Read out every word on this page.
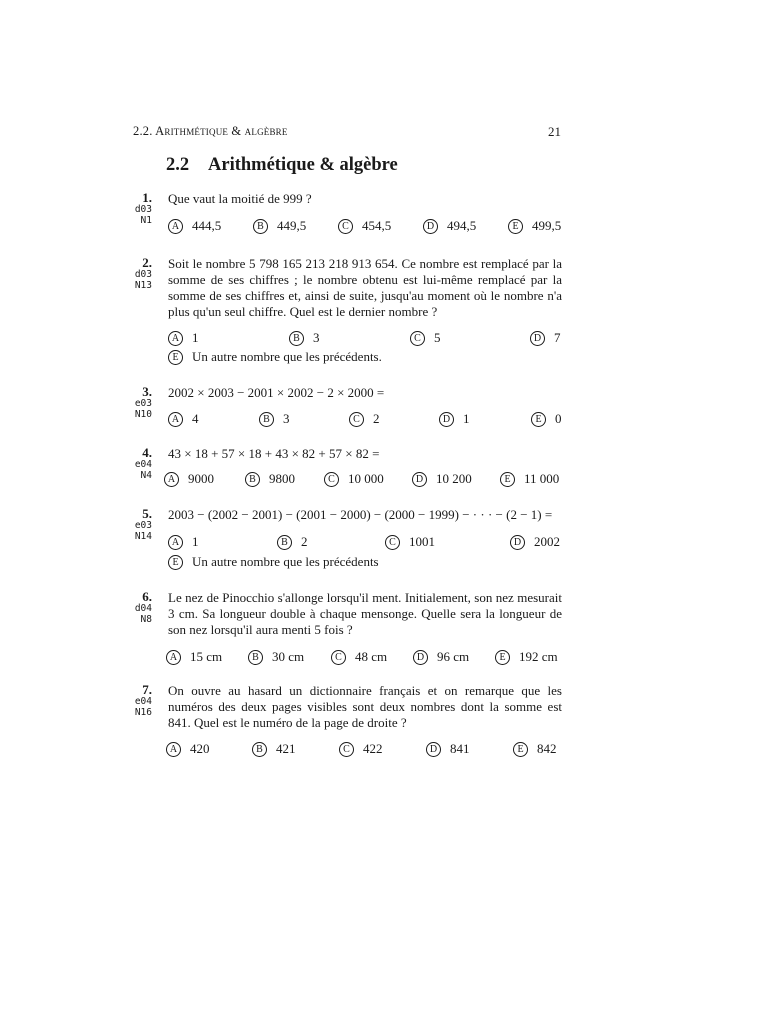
2.2. Arithmétique & algèbre	21
2.2 Arithmétique & algèbre
1.
d03
N1
Que vaut la moitié de 999 ?
A 444,5	B	449,5	C	454,5	D 494,5	E	499,5
2.
d03
N13
Soit le nombre 5 798 165 213 218 913 654. Ce nombre est remplacé par la somme de ses chiffres ; le nombre obtenu est lui-même remplacé par la somme de ses chiffres et, ainsi de suite, jusqu'au moment où le nombre n'a plus qu'un seul chiffre. Quel est le dernier nombre ?
A 1	B	3	C	5	D 7
E	Un autre nombre que les précédents.
3.
e03
N10
2002 × 2003 − 2001 × 2002 − 2 × 2000 =
A 4	B	3	C	2	D 1	E	0
4.
e04
N4
43 × 18 + 57 × 18 + 43 × 82 + 57 × 82 =
A 9000	B	9800	C	10 000	D 10 200	E	11 000
5.
e03
N14
2003 − (2002 − 2001) − (2001 − 2000) − (2000 − 1999) − · · · − (2 − 1) =
A 1	B	2	C	1001	D 2002
E	Un autre nombre que les précédents
6.
d04
N8
Le nez de Pinocchio s'allonge lorsqu'il ment. Initialement, son nez mesurait 3 cm. Sa longueur double à chaque mensonge. Quelle sera la longueur de son nez lorsqu'il aura menti 5 fois ?
A 15 cm	B	30 cm	C	48 cm	D 96 cm	E	192 cm
7.
e04
N16
On ouvre au hasard un dictionnaire français et on remarque que les numéros des deux pages visibles sont deux nombres dont la somme est 841. Quel est le numéro de la page de droite ?
A 420	B	421	C	422	D 841	E	842
